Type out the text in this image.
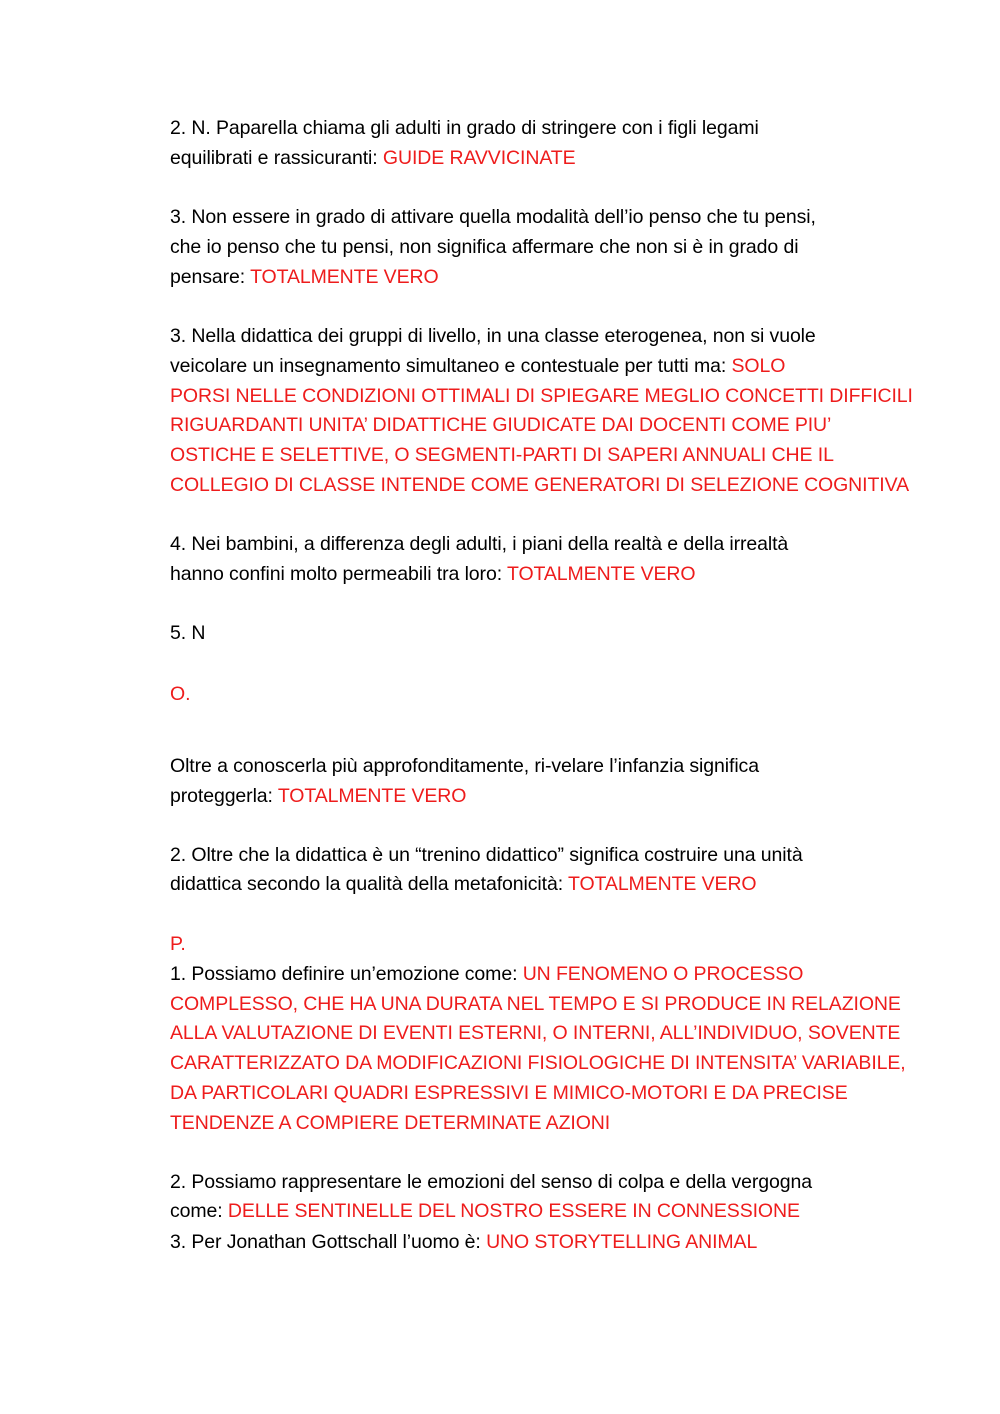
2. N. Paparella chiama gli adulti in grado di stringere con i figli legami
equilibrati e rassicuranti: GUIDE RAVVICINATE
3. Non essere in grado di attivare quella modalità dell’io penso che tu pensi,
che io penso che tu pensi, non significa affermare che non si è in grado di
pensare: TOTALMENTE VERO
3. Nella didattica dei gruppi di livello, in una classe eterogenea, non si vuole
veicolare un insegnamento simultaneo e contestuale per tutti ma: SOLO
PORSI NELLE CONDIZIONI OTTIMALI DI SPIEGARE MEGLIO CONCETTI DIFFICILI
RIGUARDANTI UNITA’ DIDATTICHE GIUDICATE DAI DOCENTI COME PIU’
OSTICHE E SELETTIVE, O SEGMENTI-PARTI DI SAPERI ANNUALI CHE IL
COLLEGIO DI CLASSE INTENDE COME GENERATORI DI SELEZIONE COGNITIVA
4. Nei bambini, a differenza degli adulti, i piani della realtà e della irrealtà
hanno confini molto permeabili tra loro: TOTALMENTE VERO
5. N
O.
Oltre a conoscerla più approfonditamente, ri-velare l’infanzia significa
proteggerla: TOTALMENTE VERO
2. Oltre che la didattica è un “trenino didattico” significa costruire una unità
didattica secondo la qualità della metafonicità: TOTALMENTE VERO
P.
1. Possiamo definire un’emozione come: UN FENOMENO O PROCESSO
COMPLESSO, CHE HA UNA DURATA NEL TEMPO E SI PRODUCE IN RELAZIONE
ALLA VALUTAZIONE DI EVENTI ESTERNI, O INTERNI, ALL’INDIVIDUO, SOVENTE
CARATTERIZZATO DA MODIFICAZIONI FISIOLOGICHE DI INTENSITA’ VARIABILE,
DA PARTICOLARI QUADRI ESPRESSIVI E MIMICO-MOTORI E DA PRECISE
TENDENZE A COMPIERE DETERMINATE AZIONI
2. Possiamo rappresentare le emozioni del senso di colpa e della vergogna
come: DELLE SENTINELLE DEL NOSTRO ESSERE IN CONNESSIONE
3. Per Jonathan Gottschall l’uomo è: UNO STORYTELLING ANIMAL
